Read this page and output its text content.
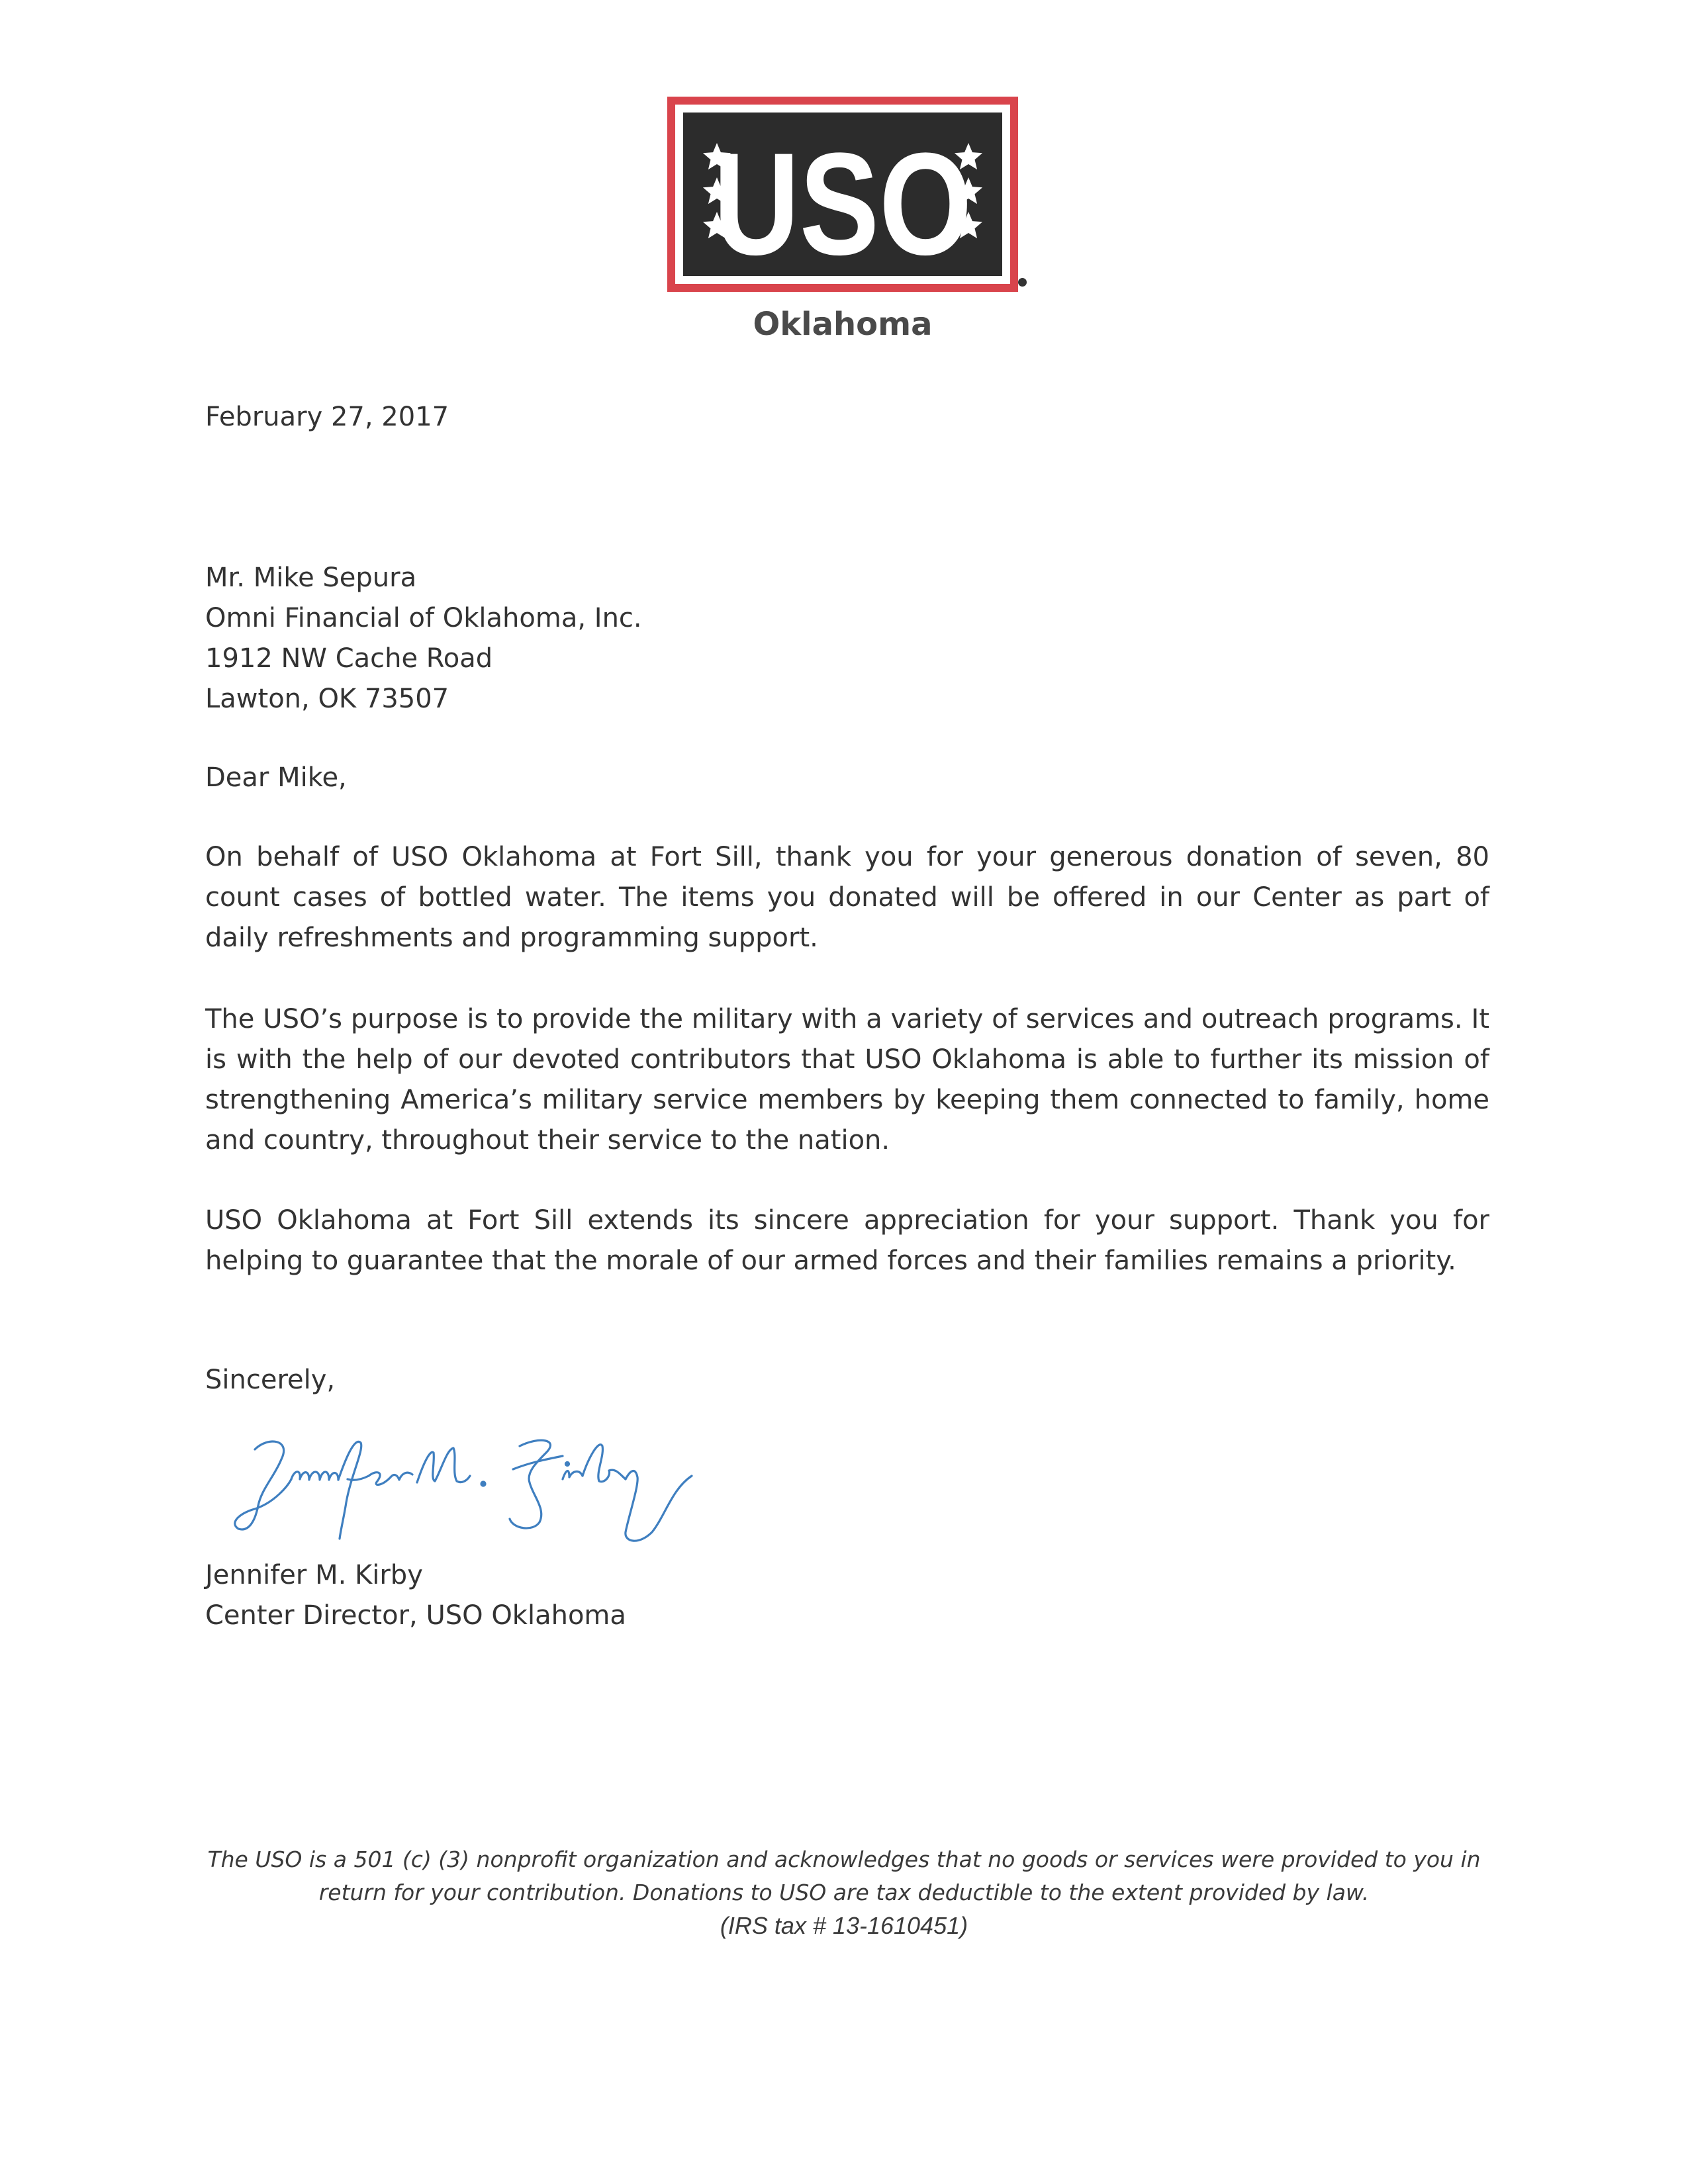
USO
Oklahoma
February 27, 2017
Mr. Mike Sepura
Omni Financial of Oklahoma, Inc.
1912 NW Cache Road
Lawton, OK 73507
Dear Mike,
On behalf of USO Oklahoma at Fort Sill, thank you for your generous donation of seven, 80 count cases of bottled water. The items you donated will be offered in our Center as part of daily refreshments and programming support.
The USO’s purpose is to provide the military with a variety of services and outreach programs. It is with the help of our devoted contributors that USO Oklahoma is able to further its mission of strengthening America’s military service members by keeping them connected to family, home and country, throughout their service to the nation.
USO Oklahoma at Fort Sill extends its sincere appreciation for your support. Thank you for helping to guarantee that the morale of our armed forces and their families remains a priority.
Sincerely,
Jennifer M. Kirby
Center Director, USO Oklahoma
The USO is a 501 (c) (3) nonprofit organization and acknowledges that no goods or services were provided to you in
return for your contribution. Donations to USO are tax deductible to the extent provided by law.
(IRS tax # 13-1610451)
